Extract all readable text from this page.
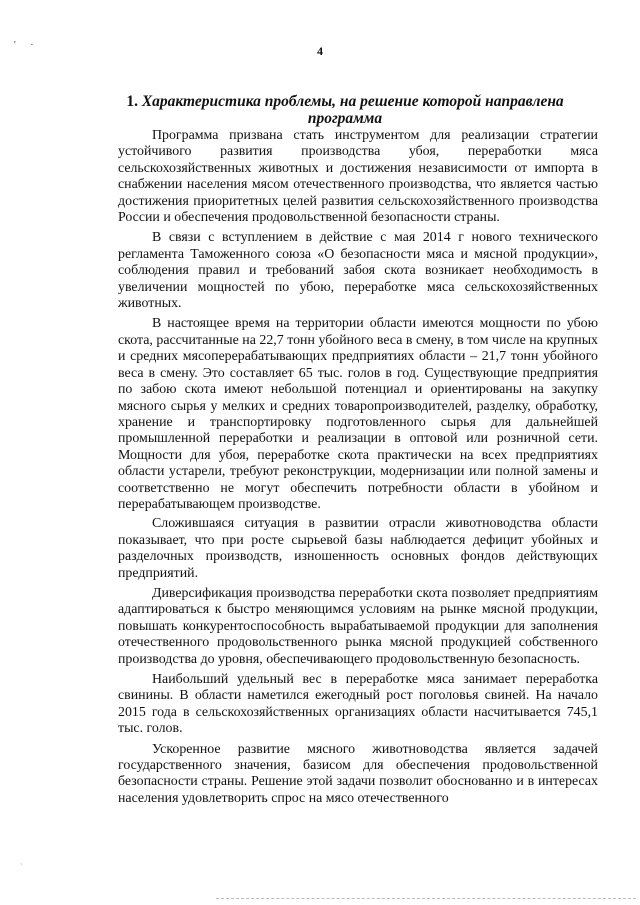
' ·	4
1. Характеристика проблемы, на решение которой направлена программа

Программа призвана стать инструментом для реализации стратегии устойчивого развития производства убоя, переработки мяса сельскохозяйственных животных и достижения независимости от импорта в снабжении населения мясом отечественного производства, что является частью достижения приоритетных целей развития сельскохозяйственного производства России и обеспечения продовольственной безопасности страны.

В связи с вступлением в действие с мая 2014 г нового технического регламента Таможенного союза «О безопасности мяса и мясной продукции», соблюдения правил и требований забоя скота возникает необходимость в увеличении мощностей по убою, переработке мяса сельскохозяйственных животных.

В настоящее время на территории области имеются мощности по убою скота, рассчитанные на 22,7 тонн убойного веса в смену, в том числе на крупных и средних мясоперерабатывающих предприятиях области – 21,7 тонн убойного веса в смену. Это составляет 65 тыс. голов в год. Существующие предприятия по забою скота имеют небольшой потенциал и ориентированы на закупку мясного сырья у мелких и средних товаропроизводителей, разделку, обработку, хранение и транспортировку подготовленного сырья для дальнейшей промышленной переработки и реализации в оптовой или розничной сети. Мощности для убоя, переработке скота практически на всех предприятиях области устарели, требуют реконструкции, модернизации или полной замены и соответственно не могут обеспечить потребности области в убойном и перерабатывающем производстве.

Сложившаяся ситуация в развитии отрасли животноводства области показывает, что при росте сырьевой базы наблюдается дефицит убойных и разделочных производств, изношенность основных фондов действующих предприятий.

Диверсификация производства переработки скота позволяет предприятиям адаптироваться к быстро меняющимся условиям на рынке мясной продукции, повышать конкурентоспособность вырабатываемой продукции для заполнения отечественного продовольственного рынка мясной продукцией собственного производства до уровня, обеспечивающего продовольственную безопасность.

Наибольший удельный вес в переработке мяса занимает переработка свинины. В области наметился ежегодный рост поголовья свиней. На начало 2015 года в сельскохозяйственных организациях области насчитывается 745,1 тыс. голов.

Ускоренное развитие мясного животноводства является задачей государственного значения, базисом для обеспечения продовольственной безопасности страны. Решение этой задачи позволит обоснованно и в интересах населения удовлетворить спрос на мясо отечественного

·
